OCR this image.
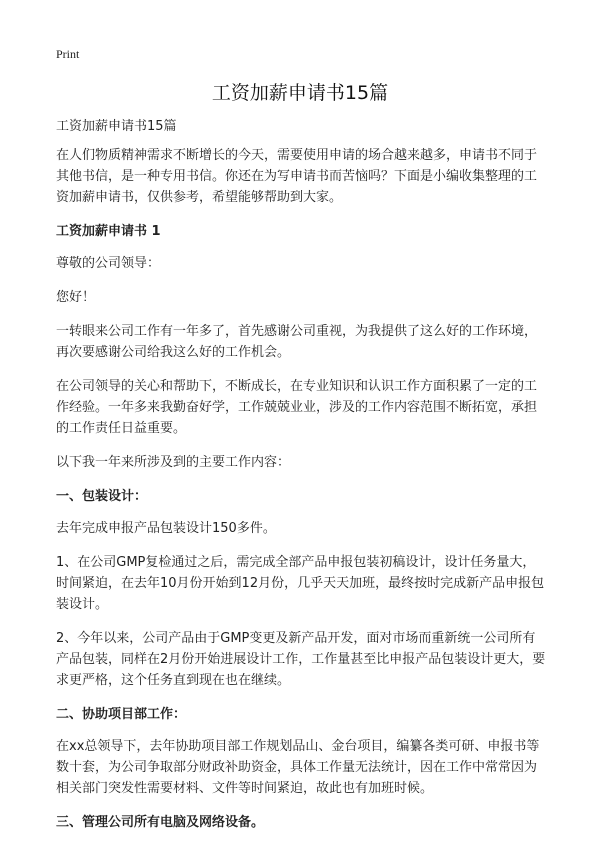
Print
工资加薪申请书15篇

工资加薪申请书15篇

在人们物质精神需求不断增长的今天，需要使用申请的场合越来越多，申请书不同于其他书信，是一种专用书信。你还在为写申请书而苦恼吗？下面是小编收集整理的工资加薪申请书，仅供参考，希望能够帮助到大家。

工资加薪申请书 1

尊敬的公司领导：

您好！

一转眼来公司工作有一年多了，首先感谢公司重视，为我提供了这么好的工作环境，再次要感谢公司给我这么好的工作机会。

在公司领导的关心和帮助下，不断成长，在专业知识和认识工作方面积累了一定的工作经验。一年多来我勤奋好学，工作兢兢业业，涉及的工作内容范围不断拓宽，承担的工作责任日益重要。

以下我一年来所涉及到的主要工作内容：

一、包装设计：

去年完成申报产品包装设计150多件。

1、在公司GMP复检通过之后，需完成全部产品申报包装初稿设计，设计任务量大，时间紧迫，在去年10月份开始到12月份，几乎天天加班，最终按时完成新产品申报包装设计。

2、今年以来，公司产品由于GMP变更及新产品开发，面对市场而重新统一公司所有产品包装，同样在2月份开始进展设计工作，工作量甚至比申报产品包装设计更大，要求更严格，这个任务直到现在也在继续。

二、协助项目部工作：

在xx总领导下，去年协助项目部工作规划品山、金台项目，编纂各类可研、申报书等数十套，为公司争取部分财政补助资金，具体工作量无法统计，因在工作中常常因为相关部门突发性需要材料、文件等时间紧迫，故此也有加班时候。

三、管理公司所有电脑及网络设备。
